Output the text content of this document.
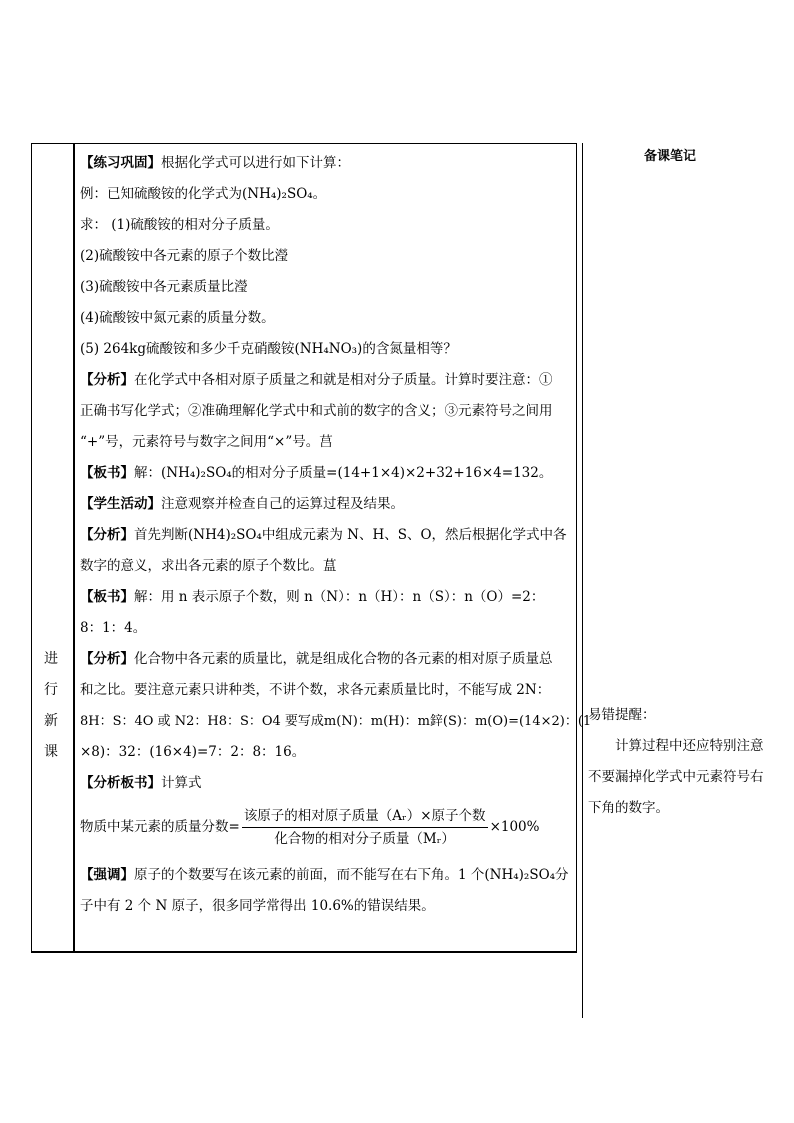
进
行
新
课

【练习巩固】根据化学式可以进行如下计算：

例：已知硫酸铵的化学式为(NH₄)₂SO₄。

求： (1)硫酸铵的相对分子质量。

(2)硫酸铵中各元素的原子个数比瀅

(3)硫酸铵中各元素质量比瀅

(4)硫酸铵中氮元素的质量分数。

(5) 264kg硫酸铵和多少千克硝酸铵(NH₄NO₃)的含氮量相等？

【分析】在化学式中各相对原子质量之和就是相对分子质量。计算时要注意：①

正确书写化学式；②准确理解化学式中和式前的数字的含义；③元素符号之间用

“+”号，元素符号与数字之间用“×”号。莒

【板书】解：(NH₄)₂SO₄的相对分子质量=(14+1×4)×2+32+16×4=132。

【学生活动】注意观察并检查自己的运算过程及结果。

【分析】首先判断(NH4)₂SO₄中组成元素为 N、H、S、O，然后根据化学式中各

数字的意义，求出各元素的原子个数比。蒀

【板书】解：用 n 表示原子个数，则 n（N）：n（H）：n（S）：n（O）=2：

8：1：4。

【分析】化合物中各元素的质量比，就是组成化合物的各元素的相对原子质量总

和之比。要注意元素只讲种类，不讲个数，求各元素质量比时，不能写成 2N：

8H：S：4O 或 N2：H8：S：O4 要写成m(N)：m(H)：m鋅(S)：m(O)=(14×2)：(1

×8)：32：(16×4)=7：2：8：16。

【分析板书】计算式

物质中某元素的质量分数= $\frac{\text{该原子的相对原子质量（Aᵣ）×原子个数}}{\text{化合物的相对分子质量（Mᵣ）}} \times 100\%$

【强调】原子的个数要写在该元素的前面，而不能写在右下角。1 个(NH₄)₂SO₄分

子中有 2 个 N 原子，很多同学常得出 10.6%的错误结果。

备课笔记

易错提醒：

计算过程中还应特别注意不要漏掉化学式中元素符号右下角的数字。
